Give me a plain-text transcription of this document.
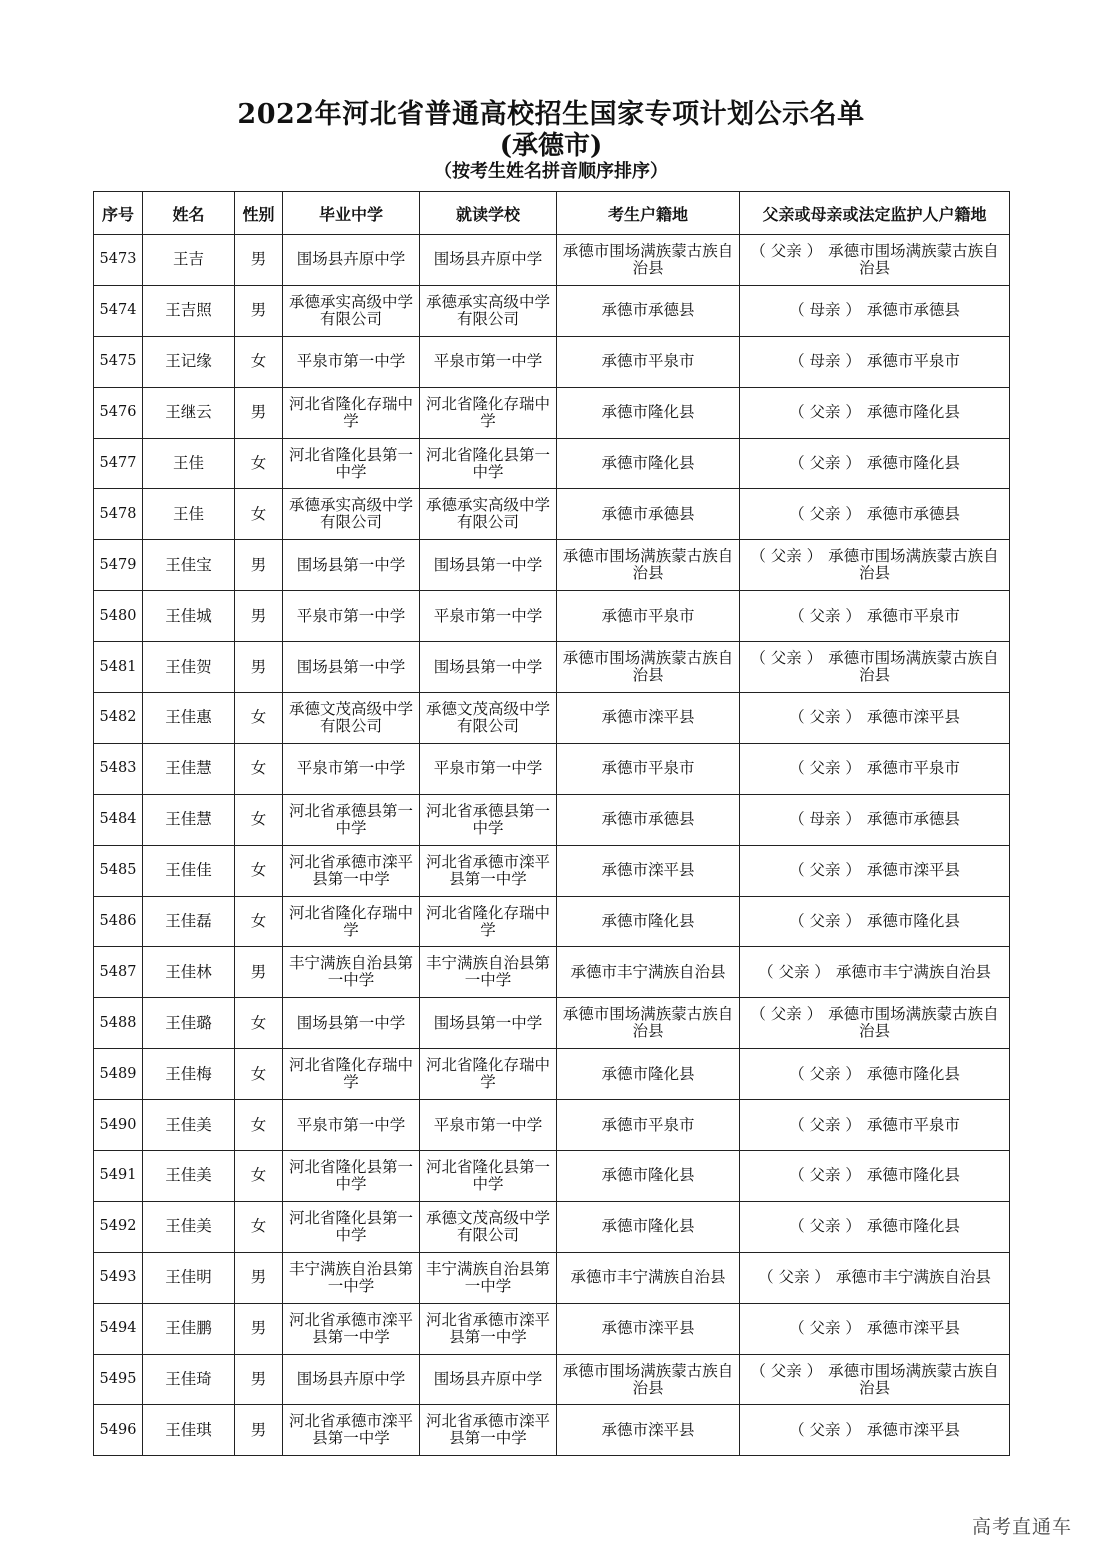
2022年河北省普通高校招生国家专项计划公示名单
(承德市)
（按考生姓名拼音顺序排序）
序号	姓名	性别	毕业中学	就读学校	考生户籍地	父亲或母亲或法定监护人户籍地
5473	王吉	男	围场县卉原中学	围场县卉原中学	承德市围场满族蒙古族自治县	（ 父亲 ） 承德市围场满族蒙古族自治县
5474	王吉照	男	承德承实高级中学有限公司	承德承实高级中学有限公司	承德市承德县	（ 母亲 ） 承德市承德县
5475	王记缘	女	平泉市第一中学	平泉市第一中学	承德市平泉市	（ 母亲 ） 承德市平泉市
5476	王继云	男	河北省隆化存瑞中学	河北省隆化存瑞中学	承德市隆化县	（ 父亲 ） 承德市隆化县
5477	王佳	女	河北省隆化县第一中学	河北省隆化县第一中学	承德市隆化县	（ 父亲 ） 承德市隆化县
5478	王佳	女	承德承实高级中学有限公司	承德承实高级中学有限公司	承德市承德县	（ 父亲 ） 承德市承德县
5479	王佳宝	男	围场县第一中学	围场县第一中学	承德市围场满族蒙古族自治县	（ 父亲 ） 承德市围场满族蒙古族自治县
5480	王佳城	男	平泉市第一中学	平泉市第一中学	承德市平泉市	（ 父亲 ） 承德市平泉市
5481	王佳贺	男	围场县第一中学	围场县第一中学	承德市围场满族蒙古族自治县	（ 父亲 ） 承德市围场满族蒙古族自治县
5482	王佳惠	女	承德文茂高级中学有限公司	承德文茂高级中学有限公司	承德市滦平县	（ 父亲 ） 承德市滦平县
5483	王佳慧	女	平泉市第一中学	平泉市第一中学	承德市平泉市	（ 父亲 ） 承德市平泉市
5484	王佳慧	女	河北省承德县第一中学	河北省承德县第一中学	承德市承德县	（ 母亲 ） 承德市承德县
5485	王佳佳	女	河北省承德市滦平县第一中学	河北省承德市滦平县第一中学	承德市滦平县	（ 父亲 ） 承德市滦平县
5486	王佳磊	女	河北省隆化存瑞中学	河北省隆化存瑞中学	承德市隆化县	（ 父亲 ） 承德市隆化县
5487	王佳林	男	丰宁满族自治县第一中学	丰宁满族自治县第一中学	承德市丰宁满族自治县	（ 父亲 ） 承德市丰宁满族自治县
5488	王佳璐	女	围场县第一中学	围场县第一中学	承德市围场满族蒙古族自治县	（ 父亲 ） 承德市围场满族蒙古族自治县
5489	王佳梅	女	河北省隆化存瑞中学	河北省隆化存瑞中学	承德市隆化县	（ 父亲 ） 承德市隆化县
5490	王佳美	女	平泉市第一中学	平泉市第一中学	承德市平泉市	（ 父亲 ） 承德市平泉市
5491	王佳美	女	河北省隆化县第一中学	河北省隆化县第一中学	承德市隆化县	（ 父亲 ） 承德市隆化县
5492	王佳美	女	河北省隆化县第一中学	承德文茂高级中学有限公司	承德市隆化县	（ 父亲 ） 承德市隆化县
5493	王佳明	男	丰宁满族自治县第一中学	丰宁满族自治县第一中学	承德市丰宁满族自治县	（ 父亲 ） 承德市丰宁满族自治县
5494	王佳鹏	男	河北省承德市滦平县第一中学	河北省承德市滦平县第一中学	承德市滦平县	（ 父亲 ） 承德市滦平县
5495	王佳琦	男	围场县卉原中学	围场县卉原中学	承德市围场满族蒙古族自治县	（ 父亲 ） 承德市围场满族蒙古族自治县
5496	王佳琪	男	河北省承德市滦平县第一中学	河北省承德市滦平县第一中学	承德市滦平县	（ 父亲 ） 承德市滦平县
高考直通车
